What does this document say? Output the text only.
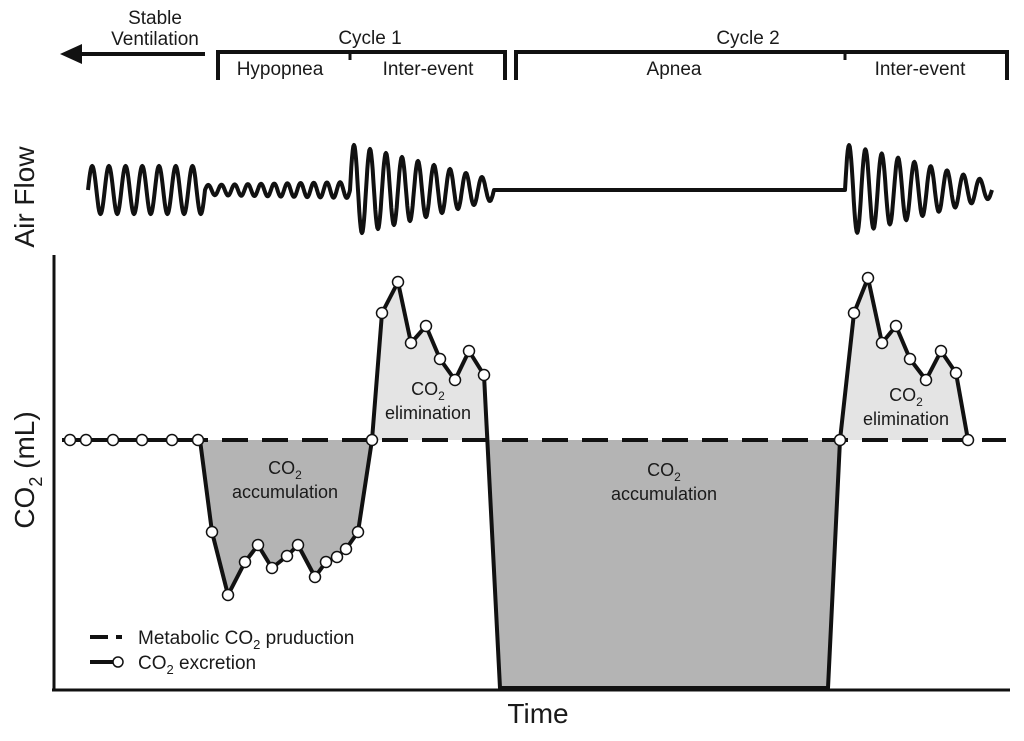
Stable
Ventilation	Cycle 1
Hypopnea	Inter-event
Cycle 2
Apnea	Inter-event
Air Flow
$CO_2$ (mL)
Time
$CO_2$
accumulation
$CO_2$
elimination
$CO_2$
accumulation
$CO_2$
elimination
Metabolic $CO_2$ pruduction
$CO_2$ excretion
